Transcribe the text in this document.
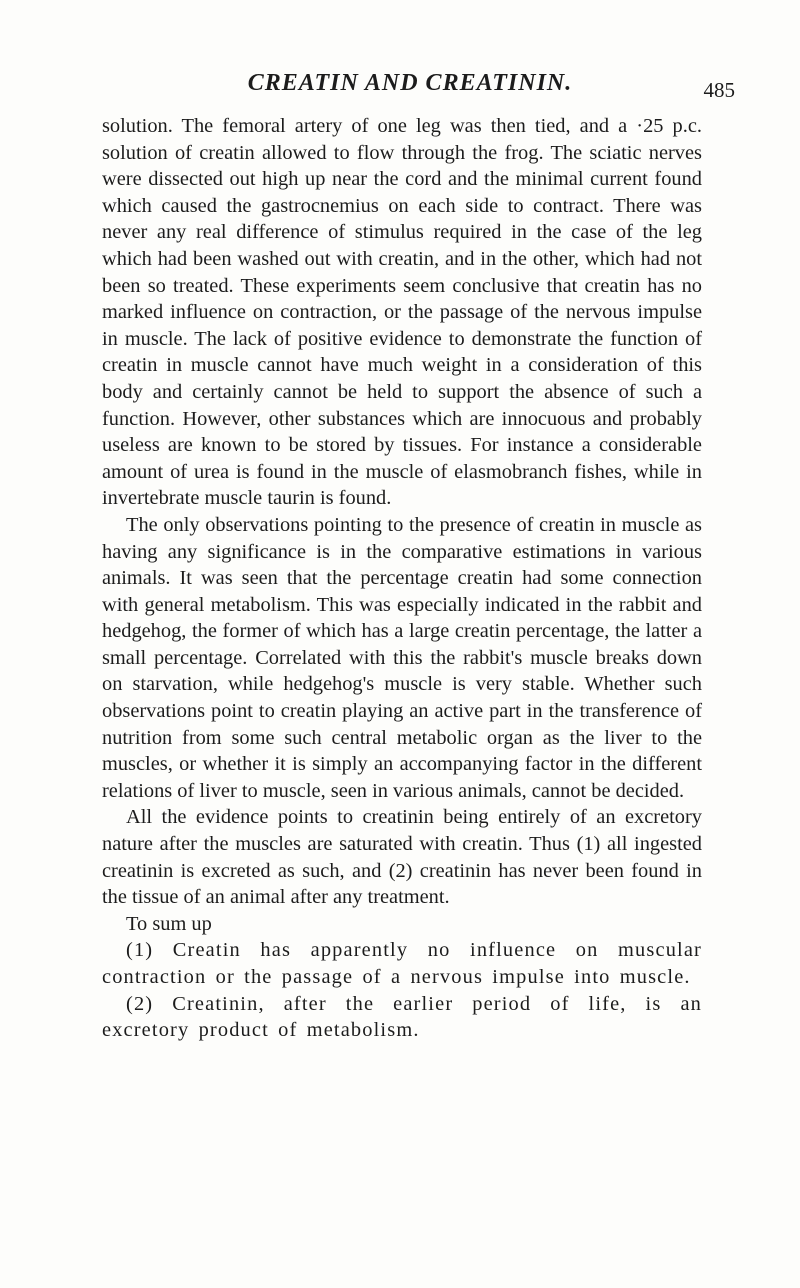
CREATIN AND CREATININ.	485

solution. The femoral artery of one leg was then tied, and a ·25 p.c. solution of creatin allowed to flow through the frog. The sciatic nerves were dissected out high up near the cord and the minimal current found which caused the gastrocnemius on each side to contract. There was never any real difference of stimulus required in the case of the leg which had been washed out with creatin, and in the other, which had not been so treated. These experiments seem conclusive that creatin has no marked influence on contraction, or the passage of the nervous impulse in muscle. The lack of positive evidence to demonstrate the function of creatin in muscle cannot have much weight in a consideration of this body and certainly cannot be held to support the absence of such a function. However, other substances which are innocuous and probably useless are known to be stored by tissues. For instance a considerable amount of urea is found in the muscle of elasmobranch fishes, while in invertebrate muscle taurin is found.

The only observations pointing to the presence of creatin in muscle as having any significance is in the comparative estimations in various animals. It was seen that the percentage creatin had some connection with general metabolism. This was especially indicated in the rabbit and hedgehog, the former of which has a large creatin percentage, the latter a small percentage. Correlated with this the rabbit's muscle breaks down on starvation, while hedgehog's muscle is very stable. Whether such observations point to creatin playing an active part in the transference of nutrition from some such central metabolic organ as the liver to the muscles, or whether it is simply an accompanying factor in the different relations of liver to muscle, seen in various animals, cannot be decided.

All the evidence points to creatinin being entirely of an excretory nature after the muscles are saturated with creatin. Thus (1) all ingested creatinin is excreted as such, and (2) creatinin has never been found in the tissue of an animal after any treatment.

To sum up

(1) Creatin has apparently no influence on muscular contraction or the passage of a nervous impulse into muscle.

(2) Creatinin, after the earlier period of life, is an excretory product of metabolism.
